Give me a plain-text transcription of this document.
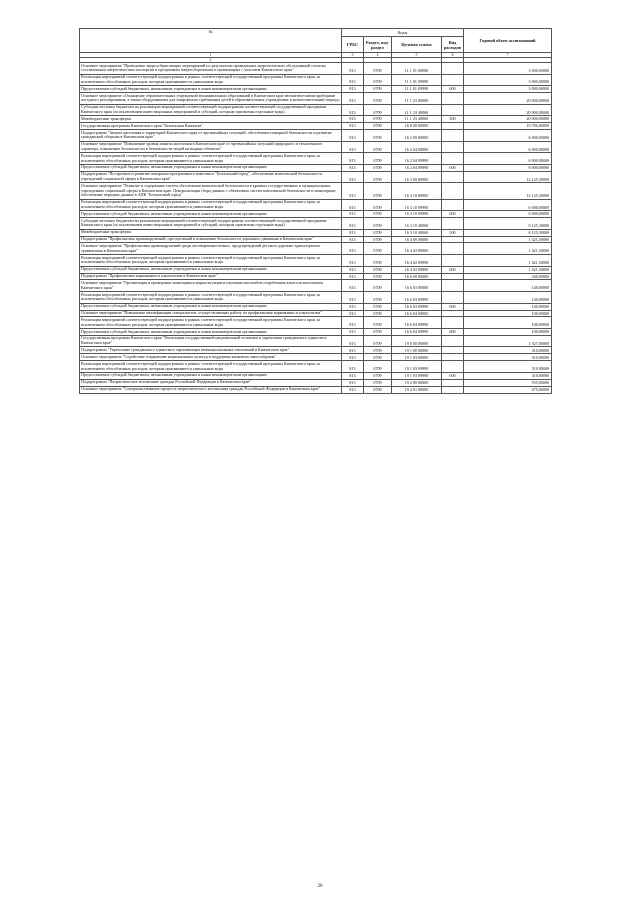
№	Коды				Годовой объем ассигнований
	ГРБС	Раздел, под-раздел	Целевая статья	Вид расходов	
1	3	4	5	6	7
2					
Основное мероприятие "Проведение энергосберегающих мероприятий по результатам проведенных энергетических обследований согласно составленным энергетическим паспортам и программам энергосбережения в организациях с участием Камчатского края"	813	0709	11 1 01 00000		3 000,00000
Реализация мероприятий соответствующей подпрограммы в рамках соответствующей государственной программы Камчатского края, за исключением обособленных расходов, которым присваиваются уникальные коды	813	0709	11 1 01 09990		3 000,00000
Предоставление субсидий бюджетным, автономным учреждениям и иным некоммерческим организациям	813	0709	11 1 01 09990	600	3 000,00000
Основное мероприятие «Оснащение образовательных учреждений муниципальных образований в Камчатском крае автоматическими приборами погодного регулирования, а также оборудованием для зонфортного пребывания детей в образовательных учреждениях в межотопительный период»	813	0709	11 1 23 00000		20 000,00000
Субсидии местным бюджетам на реализацию мероприятий соответствующей подпрограммы соответствующей государственной программы Камчатского края (за исключением инвестиционных мероприятий и субсидий, которым присвоены отдельные коды)	813	0709	11 1 23 40060		20 000,00000
Межбюджетные трансферты	813	0709	11 1 23 40060	500	20 000,00000
Государственная программа Камчатского края "Безопасная Камчатка"	813	0709	16 0 00 00000		19 786,80000
Подпрограмма "Защита населения и территорий Камчатского края от чрезвычайных ситуаций, обеспечение пожарной безопасности и развитие гражданской обороны в Камчатском крае"	813	0709	16 2 00 00000		6 000,00000
Основное мероприятие "Повышение уровня защиты населения в Камчатском крае от чрезвычайных ситуаций природного и техногенного характера, повышение безопасности в безопасности людей на водных объектах"	813	0709	16 2 04 00000		6 000,00000
Реализация мероприятий соответствующей подпрограммы в рамках соответствующей государственной программы Камчатского края, за исключением обособленных расходов, которым присваиваются уникальные коды	813	0709	16 2 04 09990		6 000,00000
Предоставление субсидий бюджетным, автономным учреждениям и иным некоммерческим организациям	813	0709	16 2 04 09990	600	6 000,00000
Подпрограмма "Построение и развитие аппаратно-программного комплекса "Безопасный город", обеспечение комплексной безопасности учреждений социальной сферы в Камчатском крае"	813	0709	16 3 00 00000		12 125,30000
Основное мероприятие "Развитие и содержание систем обеспечения комплексной безопасности в краевых государственных и муниципальных учреждениях социальной сферы в Камчатском крае. Централизация сбора данных с объектовых систем комплексной безопасности и мониторинг, обеспечение передачи данных в АПК "Безопасный город"	813	0709	16 3 10 00000		12 125,30000
Реализация мероприятий соответствующей подпрограммы в рамках соответствующей государственной программы Камчатского края, за исключением обособленных расходов, которым присваиваются уникальные коды	813	0709	16 3 10 09990		6 000,00000
Предоставление субсидий бюджетным, автономным учреждениям и иным некоммерческим организациям	813	0709	16 3 10 09990	600	6 000,00000
Субсидии местным бюджетам на реализацию мероприятий соответствующей подпрограммы соответствующей государственной программы Камчатского края (за исключением инвестиционных мероприятий и субсидий, которым присвоены отдельные коды)	813	0709	16 3 10 40060		6 125,30000
Межбюджетные трансферты	813	0709	16 3 10 40060	500	6 125,30000
Подпрограмма "Профилактика правонарушений, преступлений и повышение безопасности дорожного движения в Камчатском крае"	813	0709	16 4 00 00000		1 421,50000
Основное мероприятие "Профилактика правонарушений среди несовершеннолетних, предупреждений детского дорожно-транспортного травматизма в Камчатском крае"	813	0709	16 4 02 00000		1 421,50000
Реализация мероприятий соответствующей подпрограммы в рамках соответствующей государственной программы Камчатского края, за исключением обособленных расходов, которым присваиваются уникальные коды	813	0709	16 4 02 09990		1 421,50000
Предоставление субсидий бюджетным, автономным учреждениям и иным некоммерческим организациям	813	0709	16 4 02 09990	600	1 421,50000
Подпрограмма "Профилактика наркомании и алкоголизма в Камчатском крае"	813	0709	16 6 00 00000		240,00000
Основное мероприятие "Организация и проведение мониторинга наркоситуации и изучения масштабов потребления алкоголя населением Камчатского края"	813	0709	16 6 03 00000		140,00000
Реализация мероприятий соответствующей подпрограммы в рамках соответствующей государственной программы Камчатского края, за исключением обособленных расходов, которым присваиваются уникальные коды	813	0709	16 6 03 09990		140,00000
Предоставление субсидий бюджетным, автономным учреждениям и иным некоммерческим организациям	813	0709	16 6 03 09990	600	140,00000
Основное мероприятие "Повышение квалификации специалистов, осуществляющих работу по профилактике наркомании и алкоголизма"	813	0709	16 6 04 00000		100,00000
Реализация мероприятий соответствующей подпрограммы в рамках соответствующей государственной программы Камчатского края, за исключением обособленных расходов, которым присваиваются уникальные коды	813	0709	16 6 04 09990		100,00000
Предоставление субсидий бюджетным, автономным учреждениям и иным некоммерческим организациям	813	0709	16 6 04 09990	600	100,00000
Государственная программа Камчатского края "Реализация государственной национальной политики и укрепление гражданского единства в Камчатском крае"	813	0709	19 0 00 00000		1 327,00000
Подпрограмма "Укрепление гражданского единства и гармонизация межнациональных отношений в Камчатском крае"	813	0709	19 1 00 00000		310,00000
Основное мероприятие "Содействие сохранению национальных культур и поддержка языкового многообразия"	813	0709	19 1 03 00000		310,00000
Реализация мероприятий соответствующей подпрограммы в рамках соответствующей государственной программы Камчатского края, за исключением обособленных расходов, которым присваиваются уникальные коды	813	0709	19 1 03 09990		310,00000
Предоставление субсидий бюджетным, автономным учреждениям и иным некоммерческим организациям	813	0709	19 1 03 09990	600	310,00000
Подпрограмма "Патриотическое воспитание граждан Российской Федерации в Камчатском крае"	813	0709	19 2 00 00000		555,00000
Основное мероприятие "Совершенствование процесса патриотического воспитания граждан Российской Федерации в Камчатском крае"	813	0709	19 2 01 00000		475,00000
20
